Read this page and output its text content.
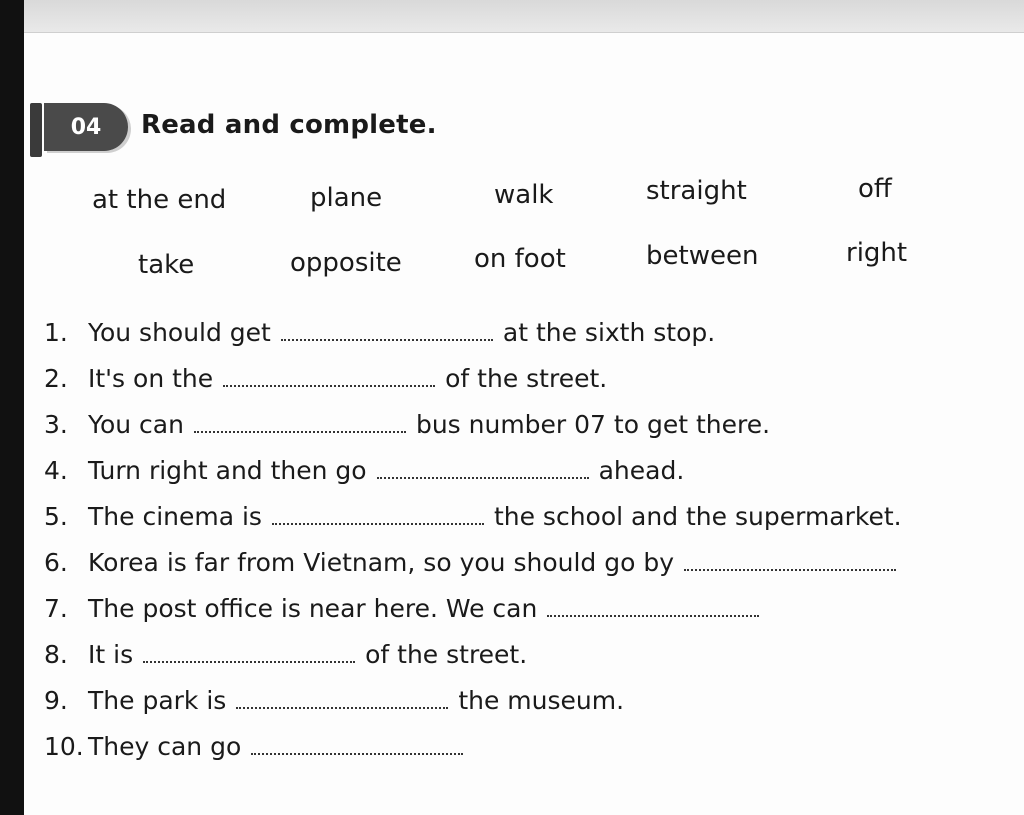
04	Read and complete.
at the end	plane	walk	straight	off
take	opposite	on foot	between	right
1. You should get	at the sixth stop.
2. It's on the	of the street.
3. You can	bus number 07 to get there.
4. Turn right and then go	ahead.
5. The cinema is	the school and the supermarket.
6. Korea is far from Vietnam, so you should go by
7. The post office is near here. We can
8. It is	of the street.
9. The park is	the museum.
10. They can go
